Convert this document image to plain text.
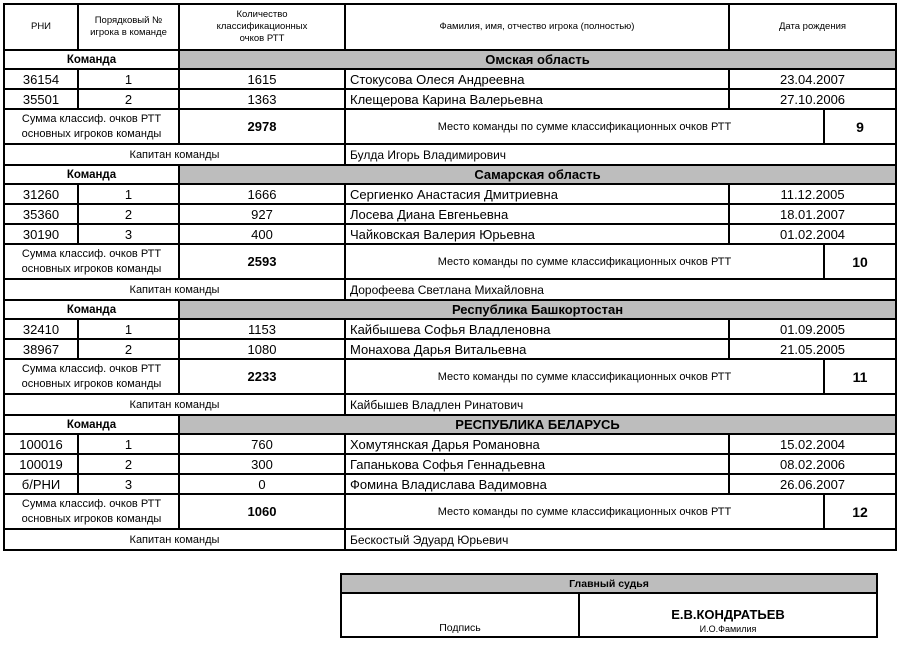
РНИ	Порядковый № игрока в команде	Количество классификационных очков РТТ	Фамилия, имя, отчество игрока (полностью)	Дата рождения	
Команда		Омская область			
36154	1	1615	Стокусова Олеся Андреевна	23.04.2007	
35501	2	1363	Клещерова Карина Валерьевна	27.10.2006	
Сумма классиф. очков РТТ основных игроков команды		2978	Место команды по сумме классификационных очков РТТ		9
Капитан команды			Булда Игорь Владимирович		
Команда		Самарская область			
31260	1	1666	Сергиенко Анастасия Дмитриевна	11.12.2005	
35360	2	927	Лосева Диана Евгеньевна	18.01.2007	
30190	3	400	Чайковская Валерия Юрьевна	01.02.2004	
Сумма классиф. очков РТТ основных игроков команды		2593	Место команды по сумме классификационных очков РТТ		10
Капитан команды			Дорофеева Светлана Михайловна		
Команда		Республика Башкортостан			
32410	1	1153	Кайбышева Софья Владленовна	01.09.2005	
38967	2	1080	Монахова Дарья Витальевна	21.05.2005	
Сумма классиф. очков РТТ основных игроков команды		2233	Место команды по сумме классификационных очков РТТ		11
Капитан команды			Кайбышев Владлен Ринатович		
Команда		РЕСПУБЛИКА БЕЛАРУСЬ			
100016	1	760	Хомутянская Дарья Романовна	15.02.2004	
100019	2	300	Гапанькова Софья Геннадьевна	08.02.2006	
б/РНИ	3	0	Фомина Владислава Вадимовна	26.06.2007	
Сумма классиф. очков РТТ основных игроков команды		1060	Место команды по сумме классификационных очков РТТ		12
Капитан команды			Бескостый Эдуард Юрьевич		
Главный судья
Подпись	
Е.В.КОНДРАТЬЕВ
И.О.Фамилия
